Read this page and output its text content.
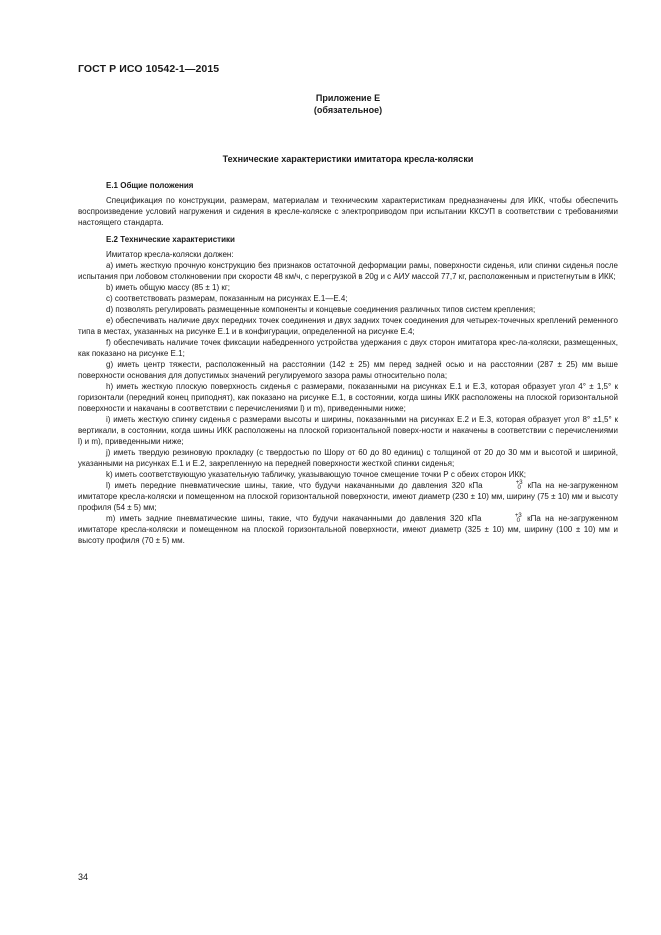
ГОСТ Р ИСО 10542-1—2015
Приложение Е
(обязательное)
Технические характеристики имитатора кресла-коляски
Е.1 Общие положения

Спецификация по конструкции, размерам, материалам и техническим характеристикам предназначены для ИКК, чтобы обеспечить воспроизведение условий нагружения и сидения в кресле-коляске с электроприводом при испытании ККСУП в соответствии с требованиями настоящего стандарта.

Е.2 Технические характеристики

Имитатор кресла-коляски должен:

а) иметь жесткую прочную конструкцию без признаков остаточной деформации рамы, поверхности сиденья, или спинки сиденья после испытания при лобовом столкновении при скорости 48 км/ч, с перегрузкой в 20g и с АИУ массой 77,7 кг, расположенным и пристегнутым в ИКК;

b) иметь общую массу (85 ± 1) кг;

c) соответствовать размерам, показанным на рисунках Е.1—Е.4;

d) позволять регулировать размещенные компоненты и концевые соединения различных типов систем крепления;

е) обеспечивать наличие двух передних точек соединения и двух задних точек соединения для четырех-точечных креплений ременного типа в местах, указанных на рисунке Е.1 и в конфигурации, определенной на рисунке Е.4;

f) обеспечивать наличие точек фиксации набедренного устройства удержания с двух сторон имитатора крес-ла-коляски, размещенных, как показано на рисунке Е.1;

g) иметь центр тяжести, расположенный на расстоянии (142 ± 25) мм перед задней осью и на расстоянии (287 ± 25) мм выше поверхности основания для допустимых значений регулируемого зазора рамы относительно пола;

h) иметь жесткую плоскую поверхность сиденья с размерами, показанными на рисунках Е.1 и Е.3, которая образует угол 4° ± 1,5° к горизонтали (передний конец приподнят), как показано на рисунке Е.1, в состоянии, когда шины ИКК расположены на плоской горизонтальной поверхности и накачаны в соответствии с перечислениями l) и m), приведенными ниже;

i) иметь жесткую спинку сиденья с размерами высоты и ширины, показанными на рисунках Е.2 и Е.3, которая образует угол 8° ±1,5° к вертикали, в состоянии, когда шины ИКК расположены на плоской горизонтальной поверх-ности и накачены в соответствии с перечислениями l) и m), приведенными ниже;

j) иметь твердую резиновую прокладку (с твердостью по Шору от 60 до 80 единиц) с толщиной от 20 до 30 мм и высотой и шириной, указанными на рисунках Е.1 и Е.2, закрепленную на передней поверхности жесткой спинки сиденья;

k) иметь соответствующую указательную табличку, указывающую точное смещение точки Р с обеих сторон ИКК;

l) иметь передние пневматические шины, такие, что будучи накачанными до давления 320 кПа	+3
0 кПа на не-загруженном имитаторе кресла-коляски и помещенном на плоской горизонтальной поверхности, имеют диаметр (230 ± 10) мм, ширину (75 ± 10) мм и высоту профиля (54 ± 5) мм;

m) иметь задние пневматические шины, такие, что будучи накачанными до давления 320 кПа	+3
0 кПа на не-загруженном имитаторе кресла-коляски и помещенном на плоской горизонтальной поверхности, имеют диаметр (325 ± 10) мм, ширину (100 ± 10) мм и высоту профиля (70 ± 5) мм.

34
